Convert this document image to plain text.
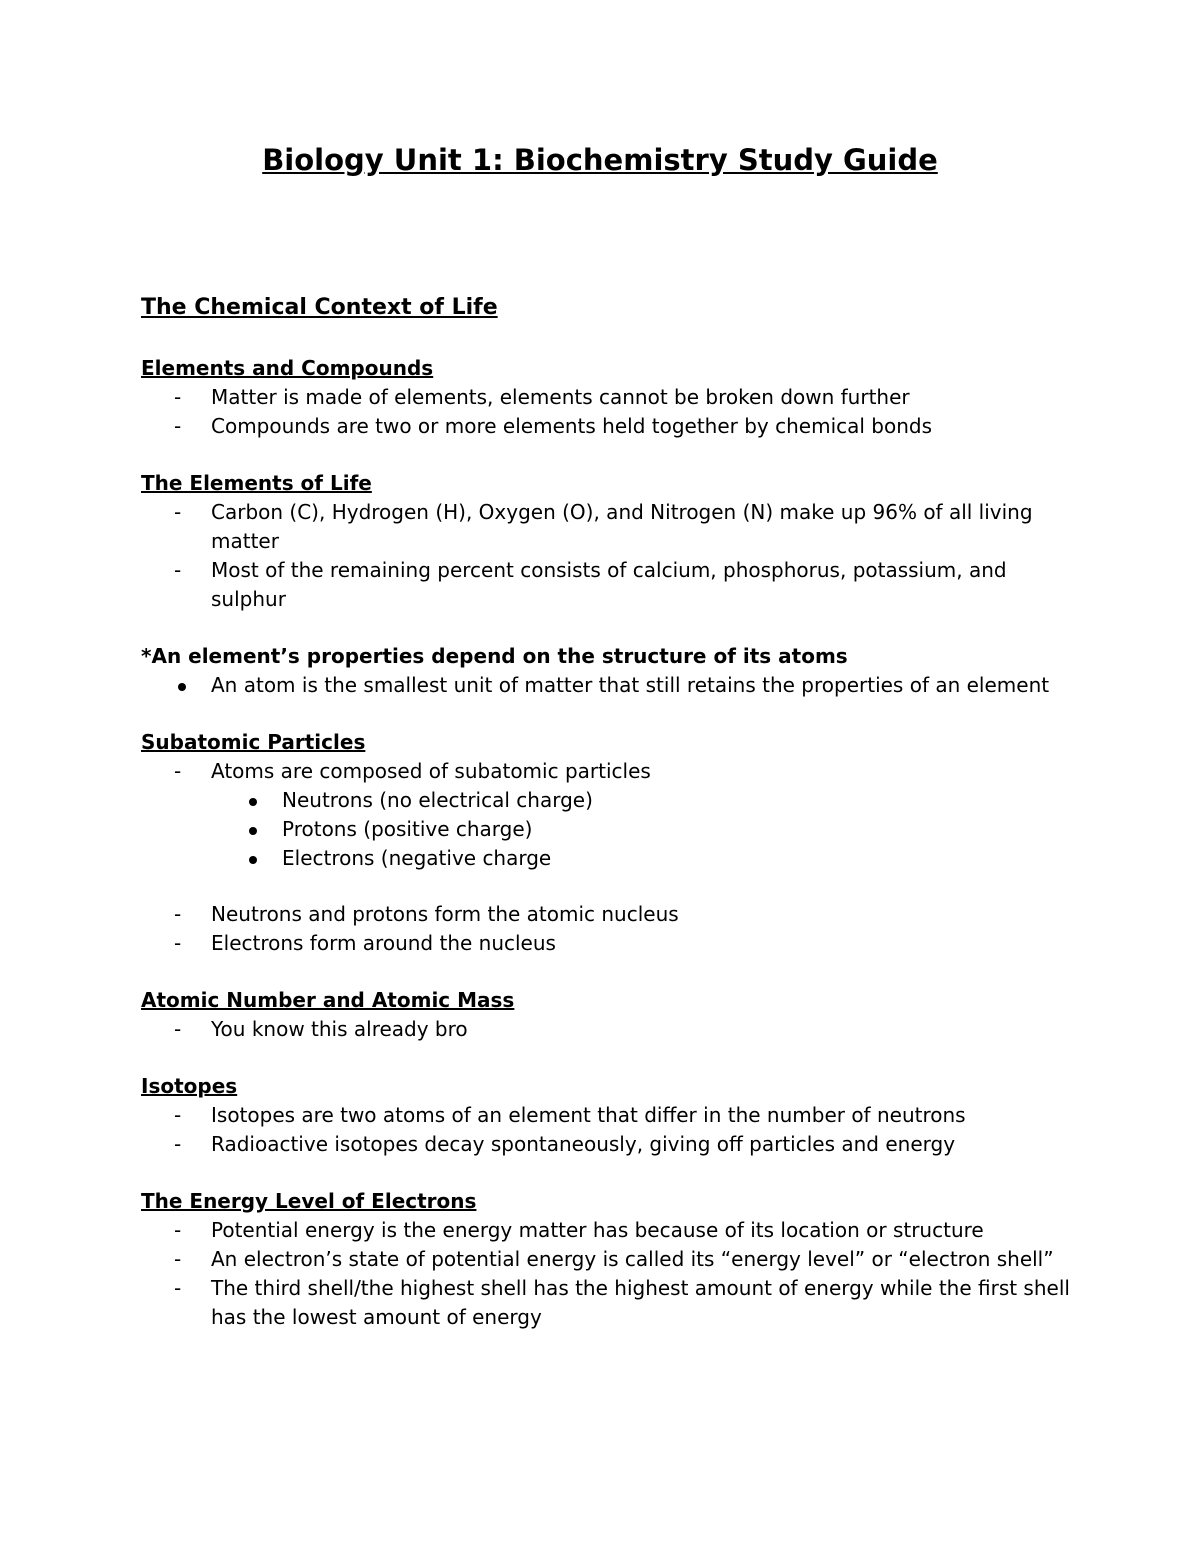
Biology Unit 1: Biochemistry Study Guide
The Chemical Context of Life
Elements and Compounds
- Matter is made of elements, elements cannot be broken down further
- Compounds are two or more elements held together by chemical bonds
The Elements of Life
- Carbon (C), Hydrogen (H), Oxygen (O), and Nitrogen (N) make up 96% of all living matter
- Most of the remaining percent consists of calcium, phosphorus, potassium, and sulphur

*An element’s properties depend on the structure of its atoms

An atom is the smallest unit of matter that still retains the properties of an element
Subatomic Particles
- Atoms are composed of subatomic particles
Neutrons (no electrical charge)
Protons (positive charge)
Electrons (negative charge
- Neutrons and protons form the atomic nucleus
- Electrons form around the nucleus
Atomic Number and Atomic Mass
- You know this already bro
Isotopes
- Isotopes are two atoms of an element that differ in the number of neutrons
- Radioactive isotopes decay spontaneously, giving off particles and energy
The Energy Level of Electrons
- Potential energy is the energy matter has because of its location or structure
- An electron’s state of potential energy is called its “energy level” or “electron shell”
- The third shell/the highest shell has the highest amount of energy while the first shell has the lowest amount of energy
